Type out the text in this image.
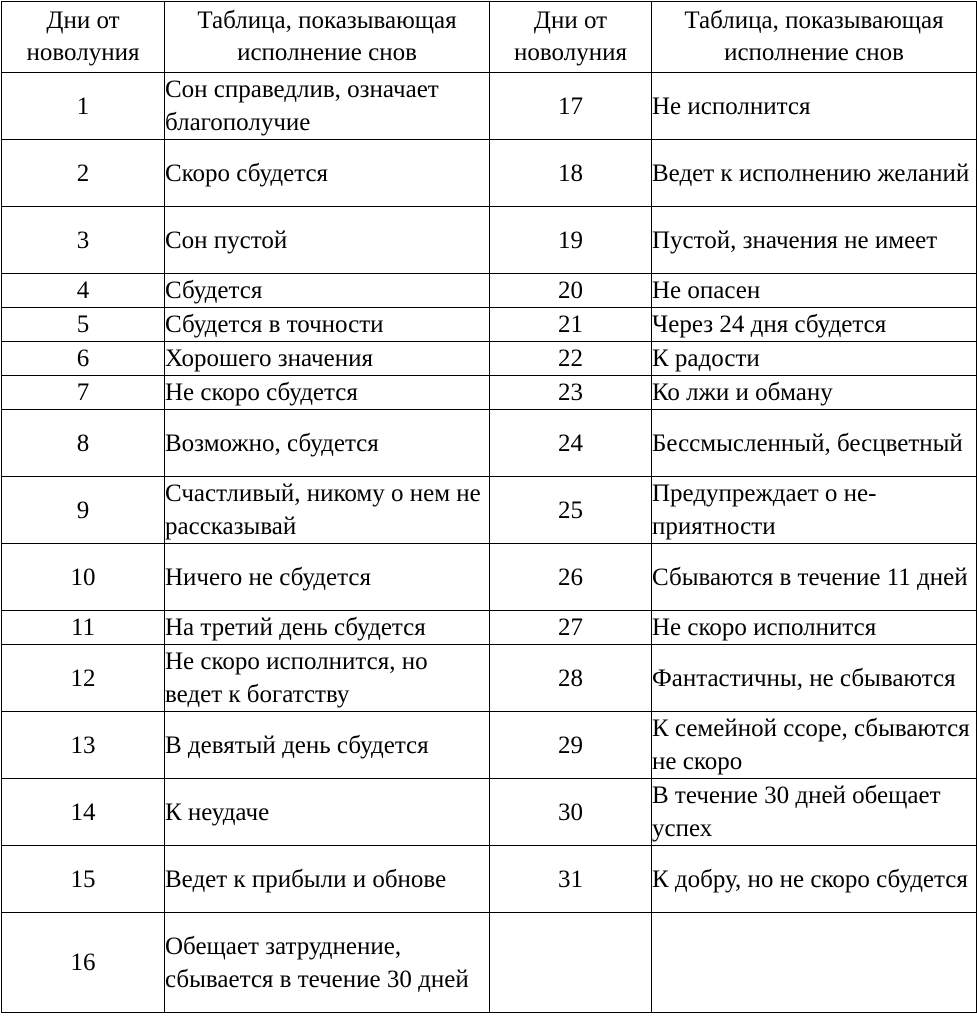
Дни от новолуния	Таблица, показывающая исполнение снов	Дни от новолуния	Таблица, показывающая исполнение снов
1	Сон справедлив, означает благополучие	17	Не исполнится
2	Скоро сбудется	18	Ведет к исполнению желаний
3	Сон пустой	19	Пустой, значения не имеет
4	Сбудется	20	Не опасен
5	Сбудется в точности	21	Через 24 дня сбудется
6	Хорошего значения	22	К радости
7	Не скоро сбудется	23	Ко лжи и обману
8	Возможно, сбудется	24	Бессмысленный, бесцветный
9	Счастливый, никому о нем не рассказывай	25	Предупреждает о не-приятности
10	Ничего не сбудется	26	Сбываются в течение 11 дней
11	На третий день сбудется	27	Не скоро исполнится
12	Не скоро исполнится, но ведет к богатству	28	Фантастичны, не сбываются
13	В девятый день сбудется	29	К семейной ссоре, сбываются не скоро
14	К неудаче	30	В течение 30 дней обещает успех
15	Ведет к прибыли и обнове	31	К добру, но не скоро сбудется
16	Обещает затруднение, сбывается в течение 30 дней		
